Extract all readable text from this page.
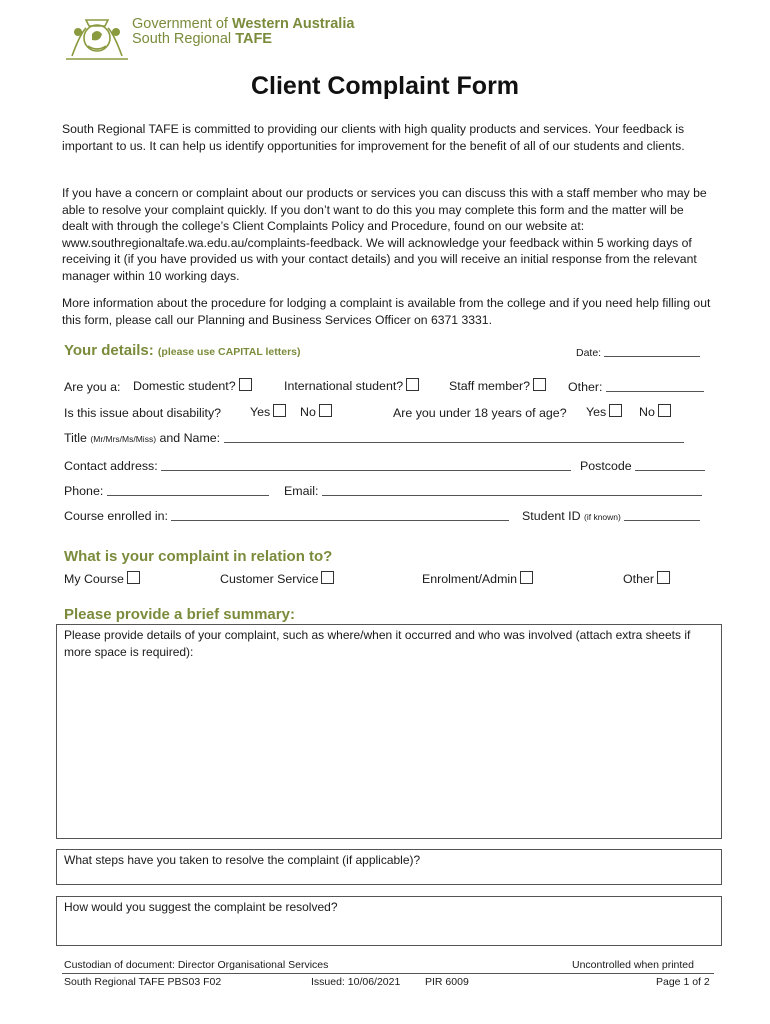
Government of Western Australia
South Regional TAFE
Client Complaint Form
South Regional TAFE is committed to providing our clients with high quality products and services. Your feedback is important to us. It can help us identify opportunities for improvement for the benefit of all of our students and clients.
If you have a concern or complaint about our products or services you can discuss this with a staff member who may be able to resolve your complaint quickly. If you don’t want to do this you may complete this form and the matter will be dealt with through the college’s Client Complaints Policy and Procedure, found on our website at: www.southregionaltafe.wa.edu.au/complaints-feedback. We will acknowledge your feedback within 5 working days of receiving it (if you have provided us with your contact details) and you will receive an initial response from the relevant manager within 10 working days.
More information about the procedure for lodging a complaint is available from the college and if you need help filling out this form, please call our Planning and Business Services Officer on 6371 3331.
Your details: (please use CAPITAL letters)	Date:
Are you a: Domestic student?	International student?	Staff member?	Other:
Is this issue about disability? Yes	No	Are you under 18 years of age? Yes	No
Title (Mr/Mrs/Ms/Miss) and Name:
Contact address:	Postcode
Phone:	Email:
Course enrolled in:	Student ID (if known)
What is your complaint in relation to?
My Course	Customer Service	Enrolment/Admin	Other
Please provide a brief summary:
Please provide details of your complaint, such as where/when it occurred and who was involved (attach extra sheets if more space is required):
What steps have you taken to resolve the complaint (if applicable)?
How would you suggest the complaint be resolved?
Custodian of document: Director Organisational Services	Uncontrolled when printed
South Regional TAFE PBS03 F02	Issued: 10/06/2021 PIR 6009	Page 1 of 2
